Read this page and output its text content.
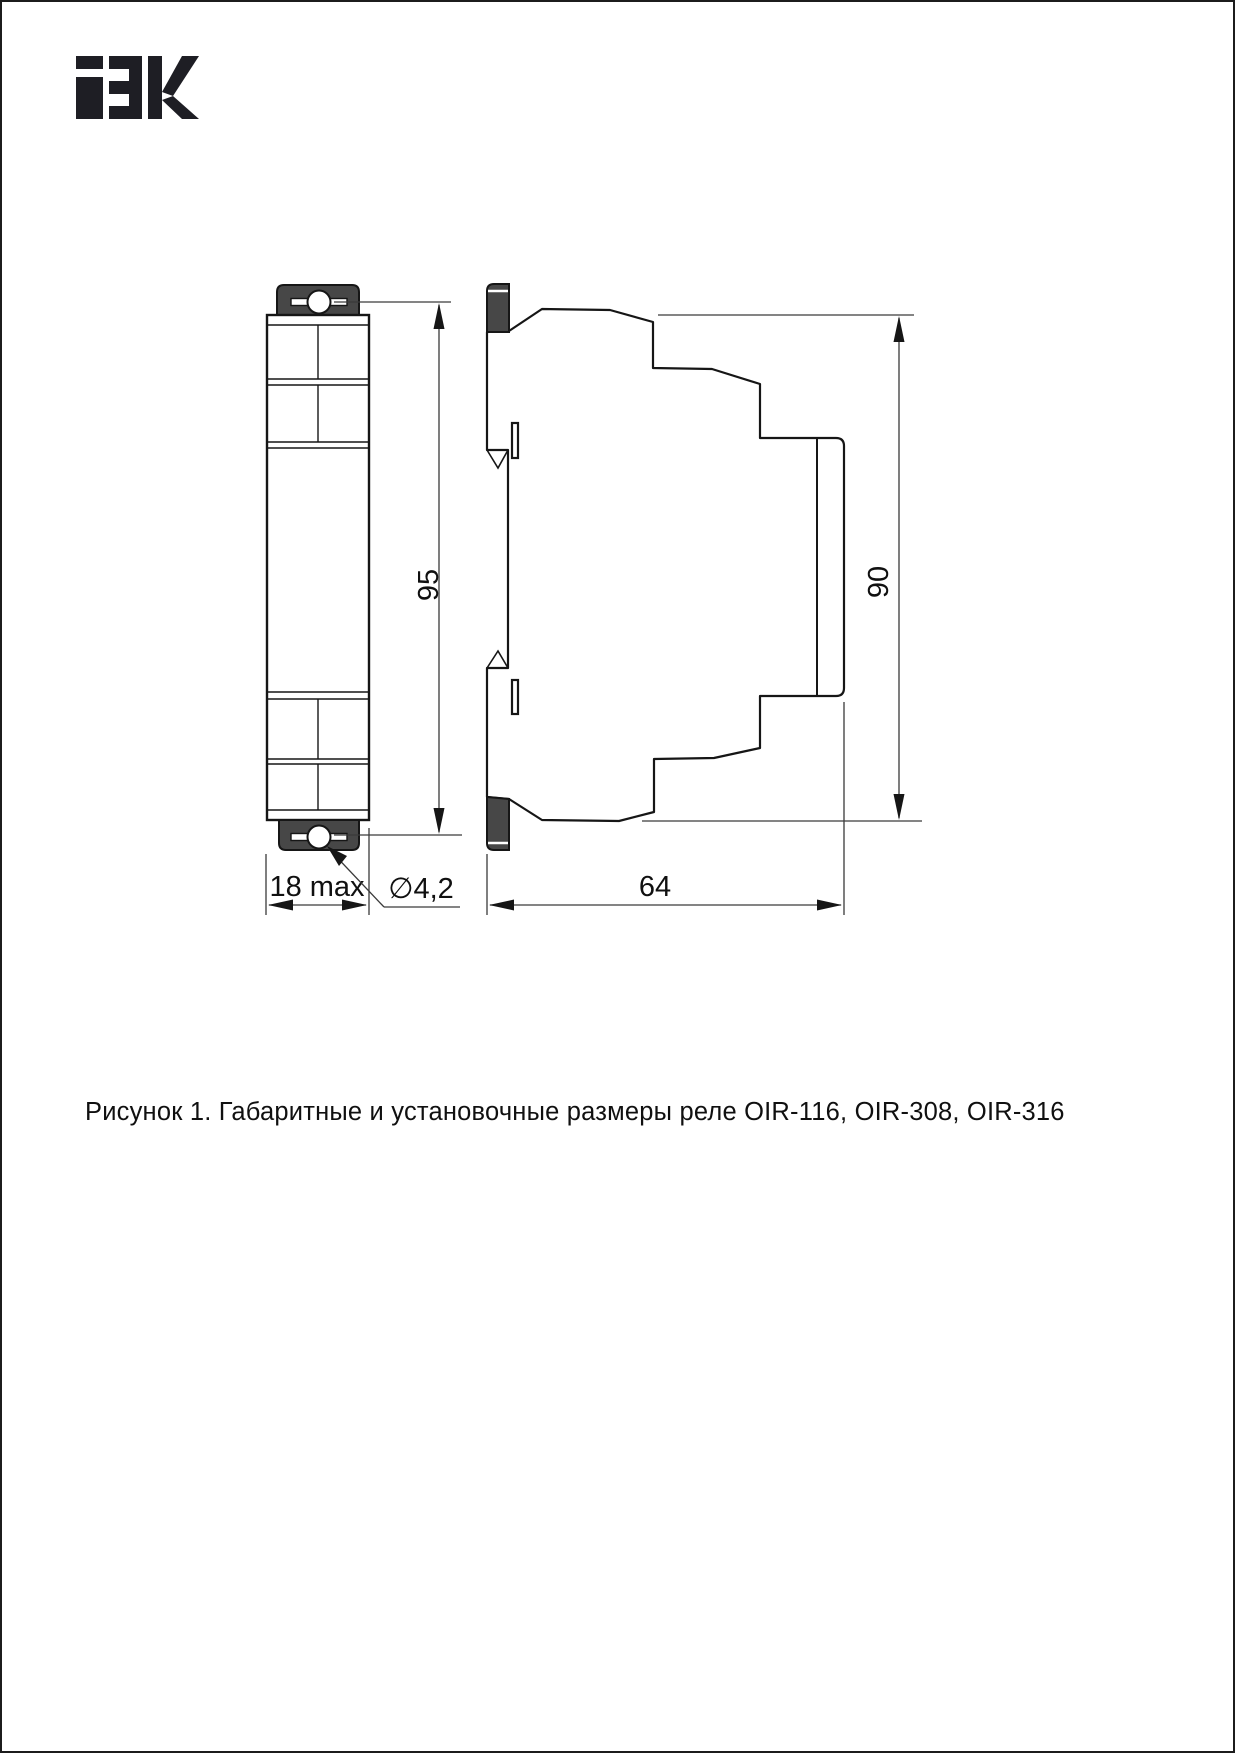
95	90
18 max ∅4,2	64
Рисунок 1. Габаритные и установочные размеры реле OIR-116, OIR-308, OIR-316
